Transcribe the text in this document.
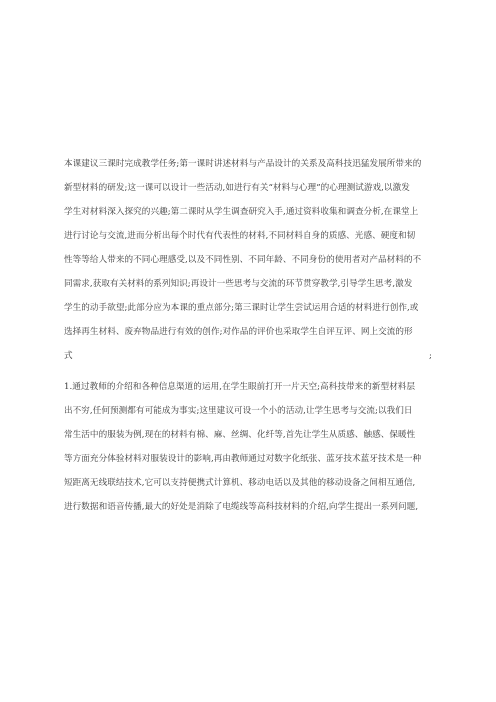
本课建议三课时完成教学任务;第一课时讲述材料与产品设计的关系及高科技迅猛发展所带来的
新型材料的研发;这一课可以设计一些活动,如进行有关“材料与心理”的心理测试游戏,以激发
学生对材料深入探究的兴趣;第二课时从学生调查研究入手,通过资料收集和调查分析,在课堂上
进行讨论与交流,进而分析出每个时代有代表性的材料,不同材料自身的质感、光感、硬度和韧
性等等给人带来的不同心理感受,以及不同性别、不同年龄、不同身份的使用者对产品材料的不
同需求,获取有关材料的系列知识;再设计一些思考与交流的环节贯穿教学,引导学生思考,激发
学生的动手欲望;此部分应为本课的重点部分;第三课时让学生尝试运用合适的材料进行创作,或
选择再生材料、废弃物品进行有效的创作;对作品的评价也采取学生自评互评、网上交流的形
式	;
1.通过教师的介绍和各种信息渠道的运用,在学生眼前打开一片天空;高科技带来的新型材料层
出不穷,任何预测都有可能成为事实;这里建议可设一个小的活动,让学生思考与交流;以我们日
常生活中的服装为例,现在的材料有棉、麻、丝绸、化纤等,首先让学生从质感、触感、保暖性
等方面充分体验材料对服装设计的影响,再由教师通过对数字化纸张、蓝牙技术蓝牙技术是一种
短距离无线联结技术,它可以支持便携式计算机、移动电话以及其他的移动设备之间相互通信,
进行数据和语音传播,最大的好处是消除了电缆线等高科技材料的介绍,向学生提出一系列问题,
